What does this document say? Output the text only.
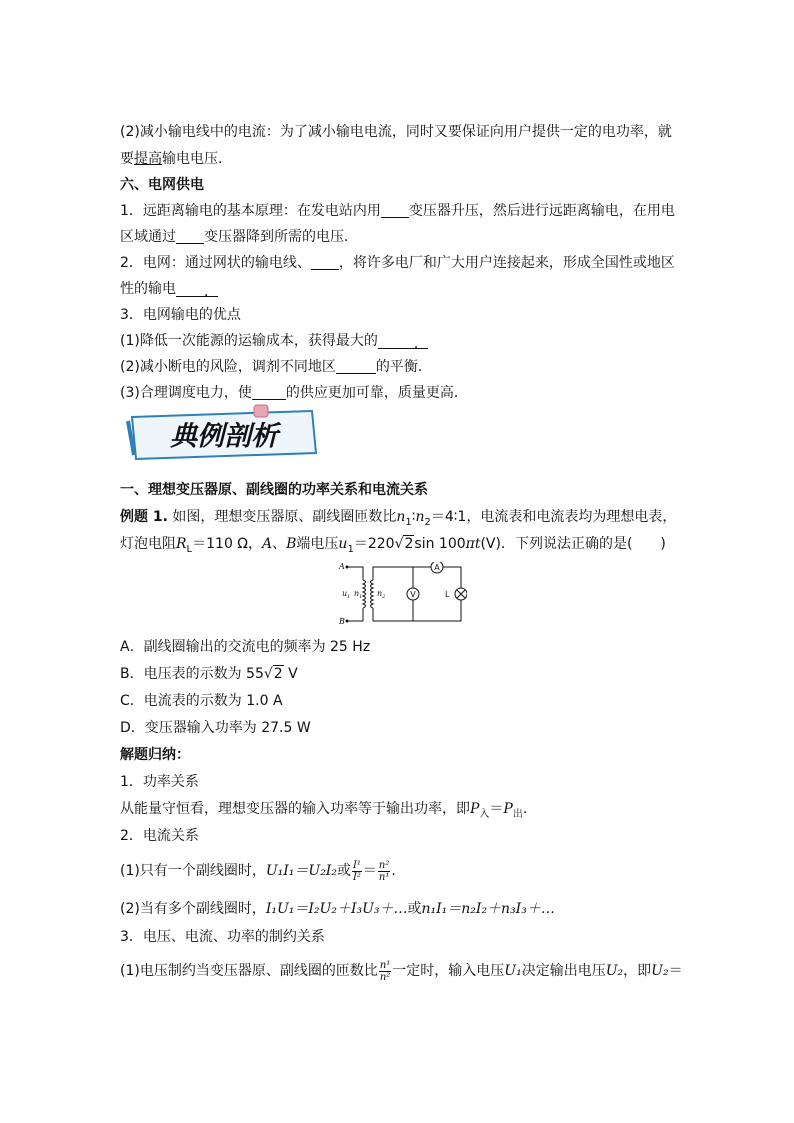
(2)减小输电线中的电流：为了减小输电电流，同时又要保证向用户提供一定的电功率，就
要提高输电电压．
六、电网供电
1．远距离输电的基本原理：在发电站内用 变压器升压，然后进行远距离输电，在用电
区域通过 变压器降到所需的电压．
2．电网：通过网状的输电线、 ，将许多电厂和广大用户连接起来，形成全国性或地区
性的输电 ．
3．电网输电的优点
(1)降低一次能源的运输成本，获得最大的	．
(2)减小断电的风险，调剂不同地区	的平衡．
(3)合理调度电力，使 的供应更加可靠，质量更高．
典例剖析
一、理想变压器原、副线圈的功率关系和电流关系
例题 1. 如图，理想变压器原、副线圈匝数比$n_1∶n_2=4∶1$，电流表和电流表均为理想电表，
灯泡电阻$R_L=110$ Ω，A、B端电压$u_1=220√2\sin$ 100πt(V)．下列说法正确的是(　　)
A
B
$u_1$ $n_1$ $n_2$	V
A
L
A．副线圈输出的交流电的频率为 25 Hz
B．电压表的示数为 55√2 V
C．电流表的示数为 1.0 A
D．变压器输入功率为 27.5 W
解题归纳：
1．功率关系
从能量守恒看，理想变压器的输入功率等于输出功率，即$P_入=P_出$.
2．电流关系
(1)只有一个副线圈时，U₁I₁＝U₂I₂或 $\frac{\text{I¹}}{\text{I²}} = \frac{\text{n²}}{\text{n¹}}$ .
(2)当有多个副线圈时，I₁U₁＝I₂U₂＋I₃U₃＋…或n₁I₁＝n₂I₂＋n₃I₃＋…
3．电压、电流、功率的制约关系
(1)电压制约当变压器原、副线圈的匝数比 $\frac{\text{n¹}}{\text{n²}}$ 一定时，输入电压U₁决定输出电压U₂，即U₂＝
